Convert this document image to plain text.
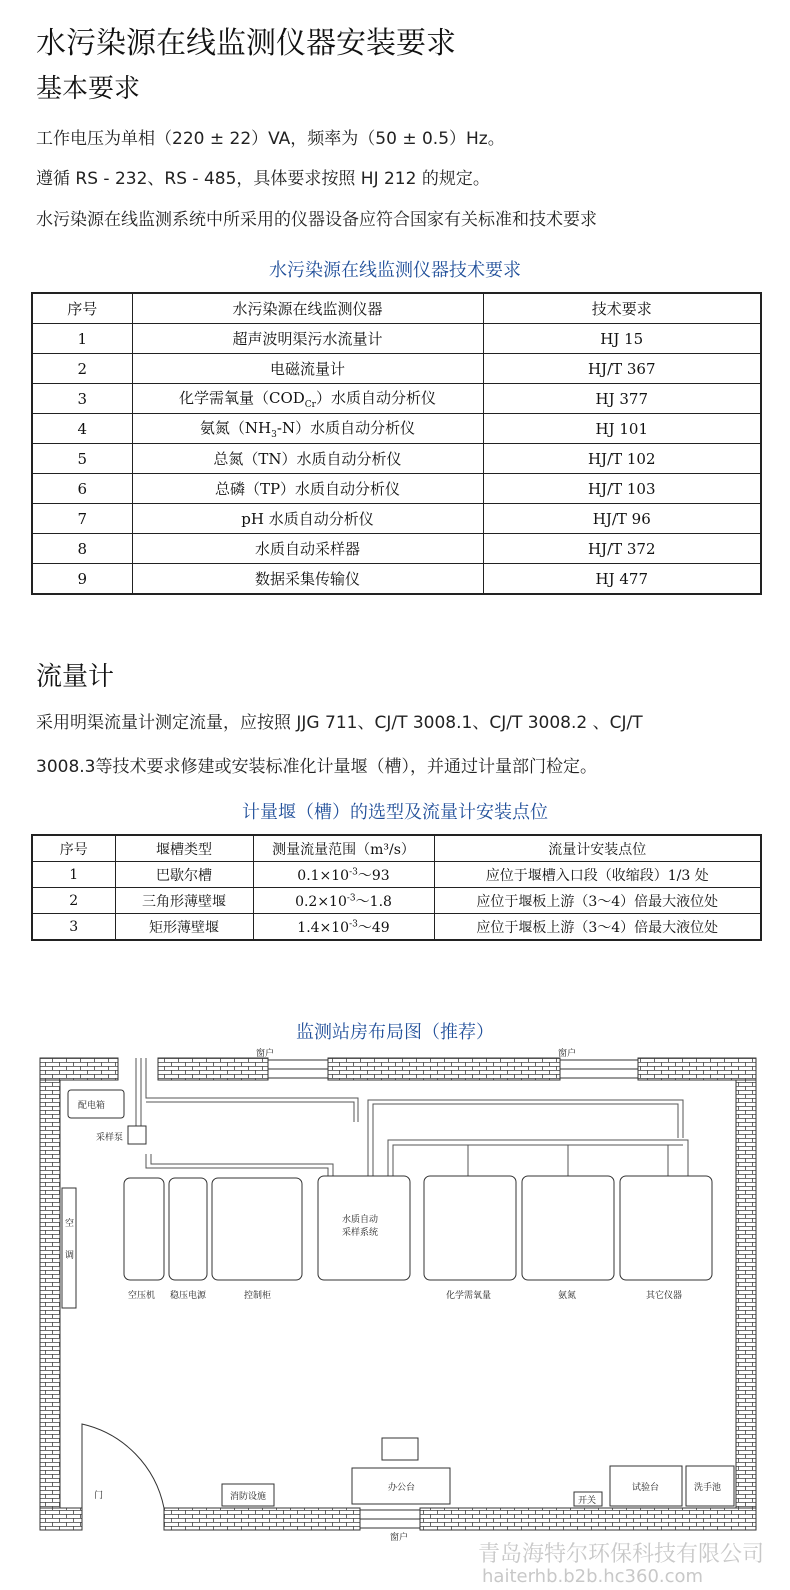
水污染源在线监测仪器安装要求
基本要求
工作电压为单相（220 ± 22）VA，频率为（50 ± 0.5）Hz。
遵循 RS - 232、RS - 485，具体要求按照 HJ 212 的规定。
水污染源在线监测系统中所采用的仪器设备应符合国家有关标准和技术要求
水污染源在线监测仪器技术要求
序号	水污染源在线监测仪器	技术要求
1	超声波明渠污水流量计	HJ 15
2	电磁流量计	HJ/T 367
3	化学需氧量$(COD_{Cr})$水质自动分析仪	HJ 377
4	氨氮$(NH_3-N)$水质自动分析仪	HJ 101
5	总氮（TN）水质自动分析仪	HJ/T 102
6	总磷（TP）水质自动分析仪	HJ/T 103
7	pH 水质自动分析仪	HJ/T 96
8	水质自动采样器	HJ/T 372
9	数据采集传输仪	HJ 477
流量计
采用明渠流量计测定流量，应按照 JJG 711、CJ/T 3008.1、CJ/T 3008.2 、CJ/T
3008.3等技术要求修建或安装标准化计量堰（槽），并通过计量部门检定。
计量堰（槽）的选型及流量计安装点位
序号	堰槽类型	测量流量范围（m³/s）	流量计安装点位
1	巴歇尔槽	$0.1\times 10^{-3}\sim 93$	应位于堰槽入口段（收缩段）1/3 处
2	三角形薄壁堰	$0.2\times 10^{-3}\sim 1.8$	应位于堰板上游（3～4）倍最大液位处
3	矩形薄壁堰	$1.4\times 10^{-3}\sim 49$	应位于堰板上游（3～4）倍最大液位处
监测站房布局图（推荐）
窗户	窗户
窗户
配电箱
采样泵
空
调
水质自动
采样系统
空压机 稳压电源	控制柜	化学需氧量	氨氮	其它仪器
门	消防设施
办公台
开关
试验台	洗手池
青岛海特尔环保科技有限公司
haiterhb.b2b.hc360.com
